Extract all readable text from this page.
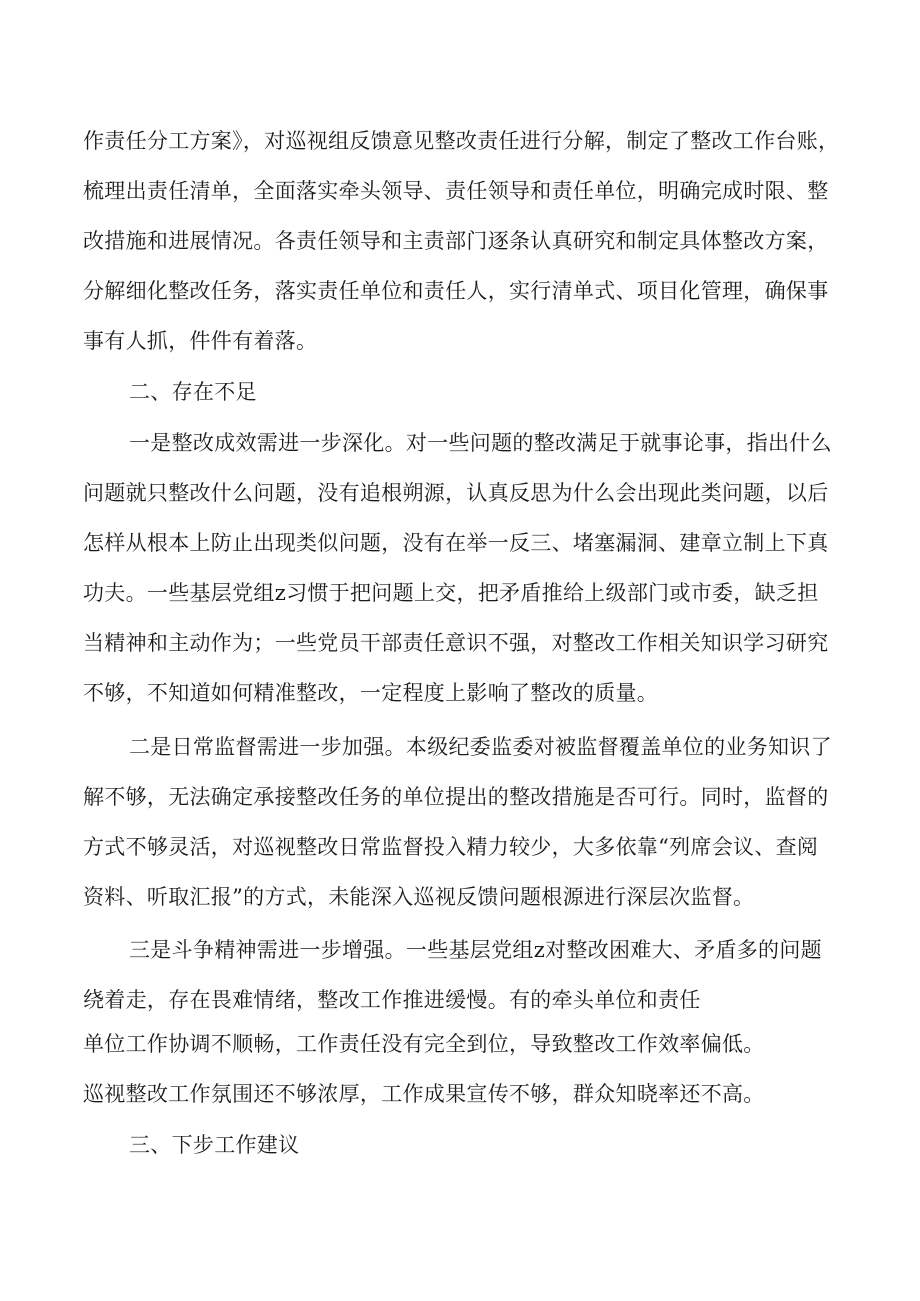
作责任分工方案》，对巡视组反馈意见整改责任进行分解，制定了整改工作台账，
梳理出责任清单，全面落实牵头领导、责任领导和责任单位，明确完成时限、整
改措施和进展情况。各责任领导和主责部门逐条认真研究和制定具体整改方案，
分解细化整改任务，落实责任单位和责任人，实行清单式、项目化管理，确保事
事有人抓，件件有着落。
二、存在不足
一是整改成效需进一步深化。对一些问题的整改满足于就事论事，指出什么
问题就只整改什么问题，没有追根朔源，认真反思为什么会出现此类问题，以后
怎样从根本上防止出现类似问题，没有在举一反三、堵塞漏洞、建章立制上下真
功夫。一些基层党组z习惯于把问题上交，把矛盾推给上级部门或市委，缺乏担
当精神和主动作为；一些党员干部责任意识不强，对整改工作相关知识学习研究
不够，不知道如何精准整改，一定程度上影响了整改的质量。
二是日常监督需进一步加强。本级纪委监委对被监督覆盖单位的业务知识了
解不够，无法确定承接整改任务的单位提出的整改措施是否可行。同时，监督的
方式不够灵活，对巡视整改日常监督投入精力较少，大多依靠“列席会议、查阅
资料、听取汇报”的方式，未能深入巡视反馈问题根源进行深层次监督。
三是斗争精神需进一步增强。一些基层党组z对整改困难大、矛盾多的问题
绕着走，存在畏难情绪，整改工作推进缓慢。有的牵头单位和责任
单位工作协调不顺畅，工作责任没有完全到位，导致整改工作效率偏低。
巡视整改工作氛围还不够浓厚，工作成果宣传不够，群众知晓率还不高。
三、下步工作建议
